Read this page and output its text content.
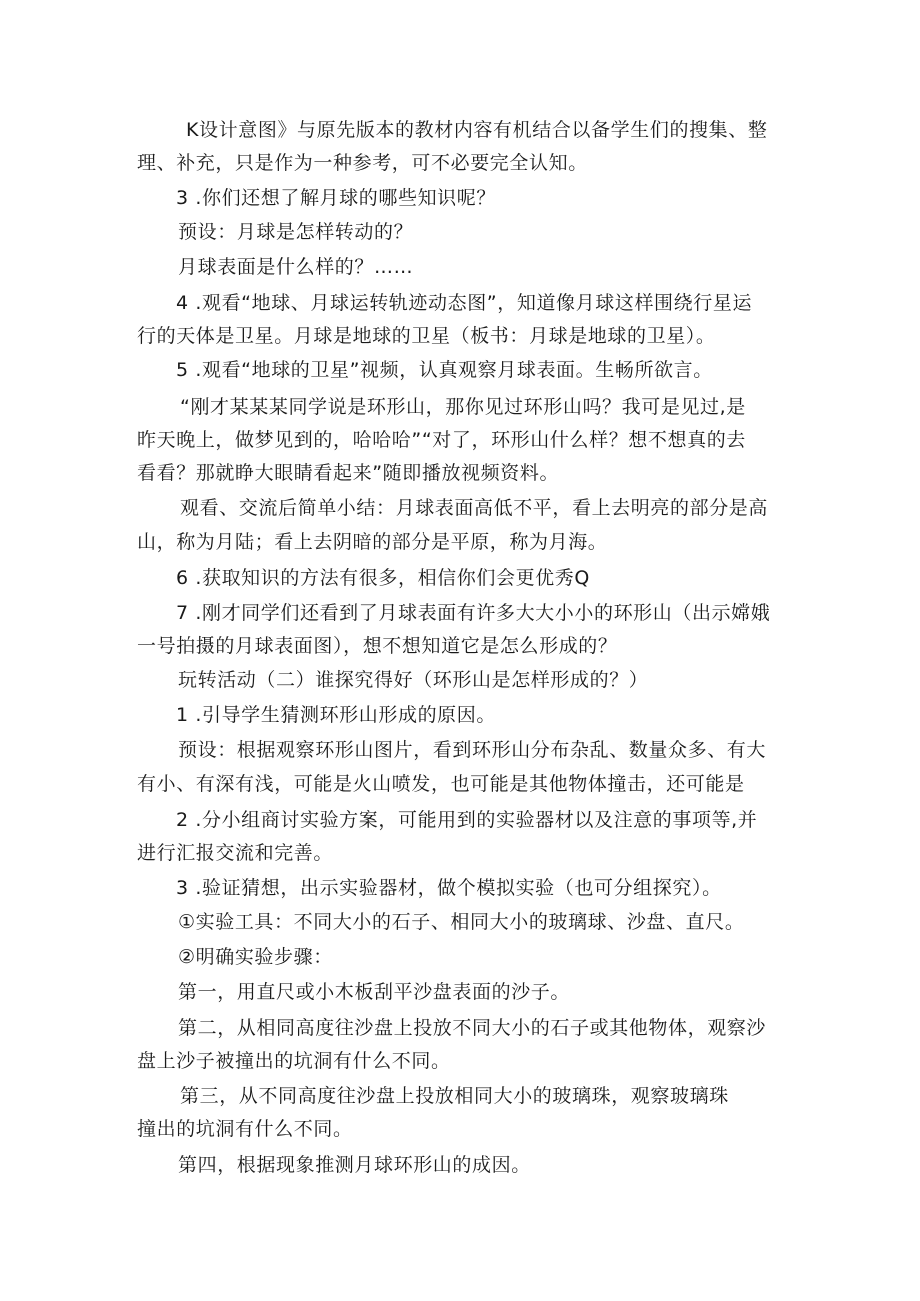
K设计意图》与原先版本的教材内容有机结合以备学生们的搜集、整
理、补充，只是作为一种参考，可不必要完全认知。
3 .你们还想了解月球的哪些知识呢？
预设：月球是怎样转动的？
月球表面是什么样的？……
4 .观看“地球、月球运转轨迹动态图”，知道像月球这样围绕行星运
行的天体是卫星。月球是地球的卫星（板书：月球是地球的卫星）。
5 .观看“地球的卫星”视频，认真观察月球表面。生畅所欲言。
“刚才某某某同学说是环形山，那你见过环形山吗？我可是见过,是
昨天晚上，做梦见到的，哈哈哈”“对了，环形山什么样？想不想真的去
看看？那就睁大眼睛看起来”随即播放视频资料。
观看、交流后简单小结：月球表面高低不平，看上去明亮的部分是高
山，称为月陆；看上去阴暗的部分是平原，称为月海。
6 .获取知识的方法有很多，相信你们会更优秀Q
7 .刚才同学们还看到了月球表面有许多大大小小的环形山（出示嫦娥
一号拍摄的月球表面图），想不想知道它是怎么形成的？
玩转活动（二）谁探究得好（环形山是怎样形成的？）
1 .引导学生猜测环形山形成的原因。
预设：根据观察环形山图片，看到环形山分布杂乱、数量众多、有大
有小、有深有浅，可能是火山喷发，也可能是其他物体撞击，还可能是
2 .分小组商讨实验方案，可能用到的实验器材以及注意的事项等,并
进行汇报交流和完善。
3 .验证猜想，出示实验器材，做个模拟实验（也可分组探究）。
①实验工具：不同大小的石子、相同大小的玻璃球、沙盘、直尺。
②明确实验步骤：
第一，用直尺或小木板刮平沙盘表面的沙子。
第二，从相同高度往沙盘上投放不同大小的石子或其他物体，观察沙
盘上沙子被撞出的坑洞有什么不同。
第三，从不同高度往沙盘上投放相同大小的玻璃珠，观察玻璃珠
撞出的坑洞有什么不同。
第四，根据现象推测月球环形山的成因。
